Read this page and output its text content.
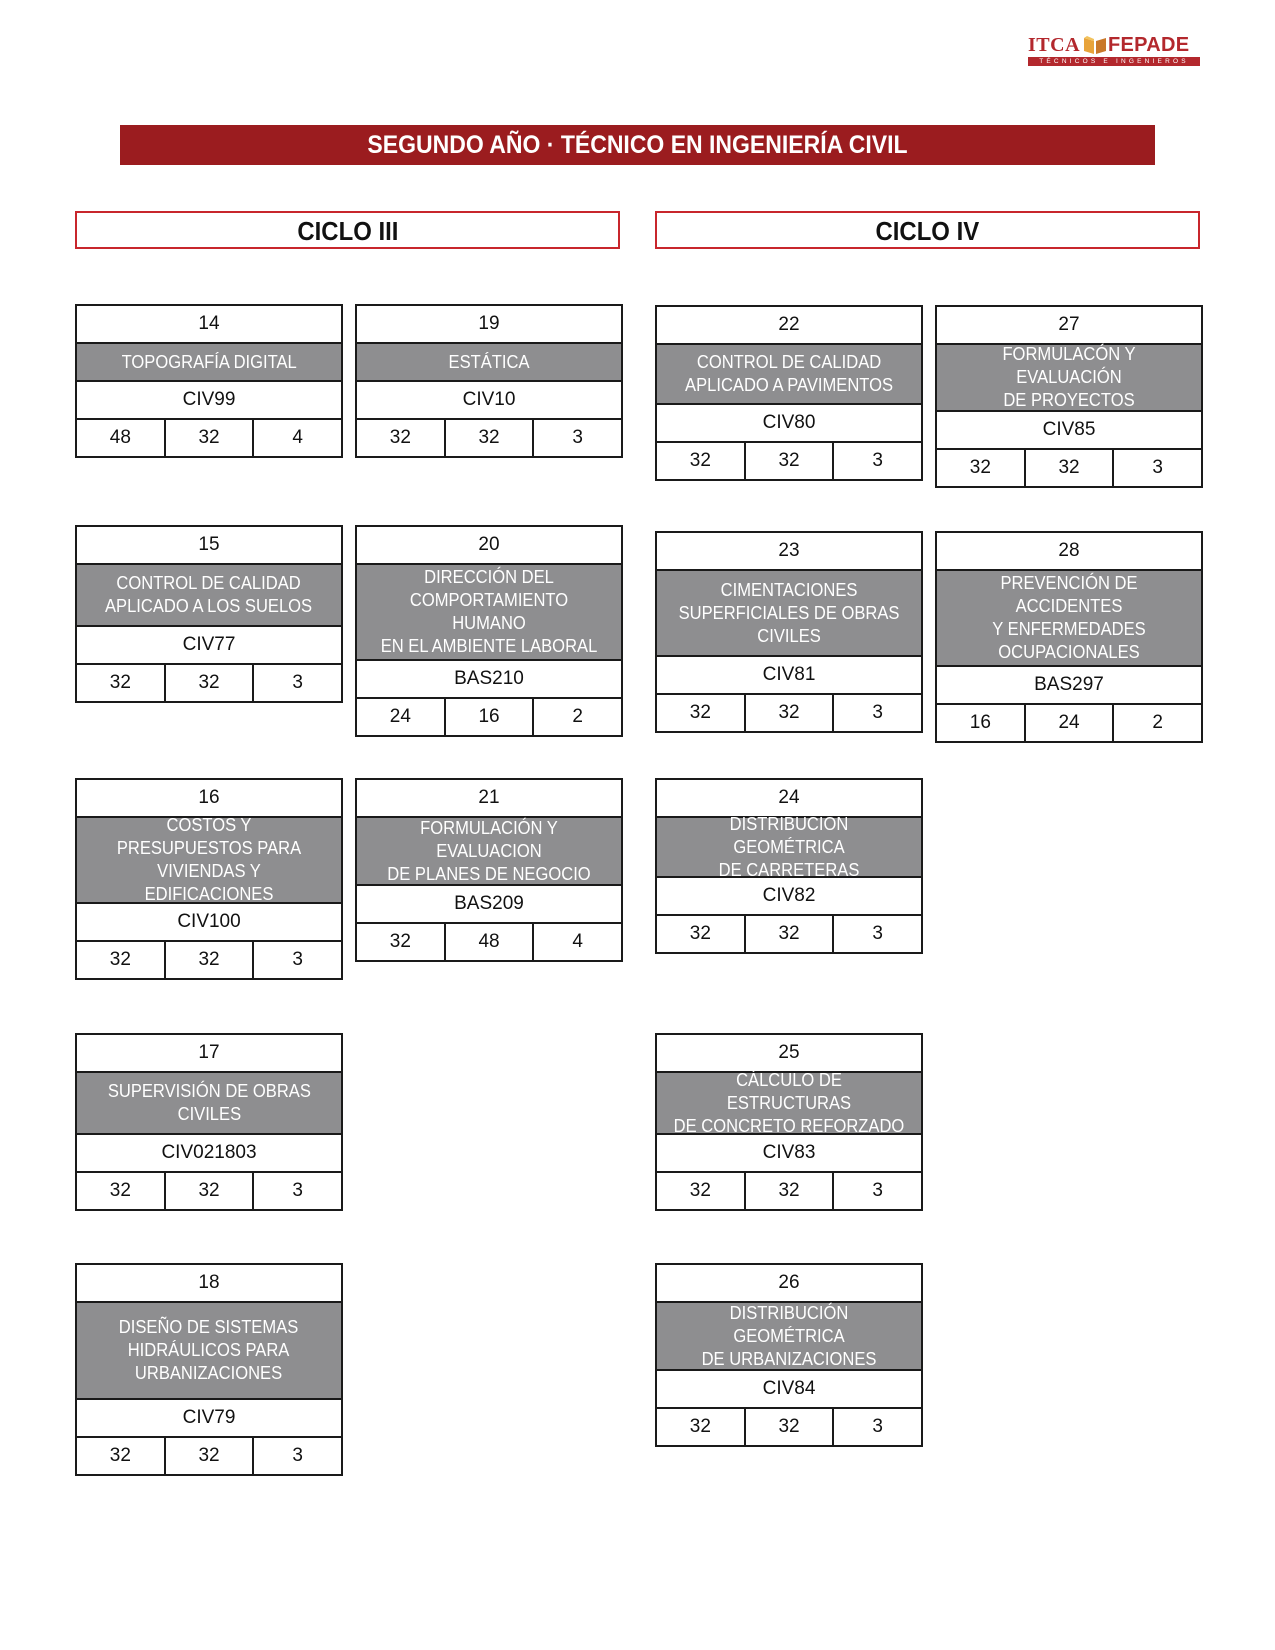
ITCA FEPADE
TÉCNICOS E INGENIEROS
SEGUNDO AÑO · TÉCNICO EN INGENIERÍA CIVIL
CICLO III	CICLO IV
14
TOPOGRAFÍA DIGITAL
CIV99
48	32	4
19
ESTÁTICA
CIV10
32	32	3
22
CONTROL DE CALIDAD
APLICADO A PAVIMENTOS
CIV80
32	32	3
27
FORMULACÓN Y EVALUACIÓN
DE PROYECTOS
CIV85
32	32	3
15
CONTROL DE CALIDAD
APLICADO A LOS SUELOS
CIV77
32	32	3
20
DIRECCIÓN DEL
COMPORTAMIENTO HUMANO
EN EL AMBIENTE LABORAL
BAS210
24	16	2
23
CIMENTACIONES
SUPERFICIALES DE OBRAS
CIVILES
CIV81
32	32	3
28
PREVENCIÓN DE ACCIDENTES
Y ENFERMEDADES
OCUPACIONALES
BAS297
16	24	2
16
COSTOS Y
PRESUPUESTOS PARA
VIVIENDAS Y EDIFICACIONES
CIV100
32	32	3
21
FORMULACIÓN Y EVALUACION
DE PLANES DE NEGOCIO
BAS209
32	48	4
24
DISTRIBUCIÓN GEOMÉTRICA
DE CARRETERAS
CIV82
32	32	3
17
SUPERVISIÓN DE OBRAS
CIVILES
CIV021803
32	32	3
25
CÁLCULO DE ESTRUCTURAS
DE CONCRETO REFORZADO
CIV83
32	32	3
18
DISEÑO DE SISTEMAS
HIDRÁULICOS PARA
URBANIZACIONES
CIV79
32	32	3
26
DISTRIBUCIÓN GEOMÉTRICA
DE URBANIZACIONES
CIV84
32	32	3
